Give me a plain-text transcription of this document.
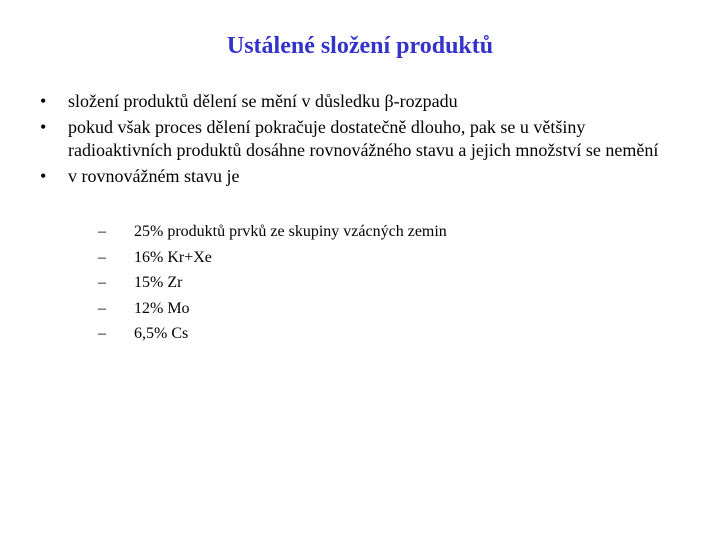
Ustálené složení produktů
•	složení produktů dělení se mění v důsledku β-rozpadu
•	pokud však proces dělení pokračuje dostatečně dlouho, pak se u většiny radioaktivních produktů dosáhne rovnovážného stavu a jejich množství se nemění
•	v rovnovážném stavu je
–	25% produktů prvků ze skupiny vzácných zemin
–	16% Kr+Xe
–	15% Zr
–	12% Mo
–	6,5% Cs
